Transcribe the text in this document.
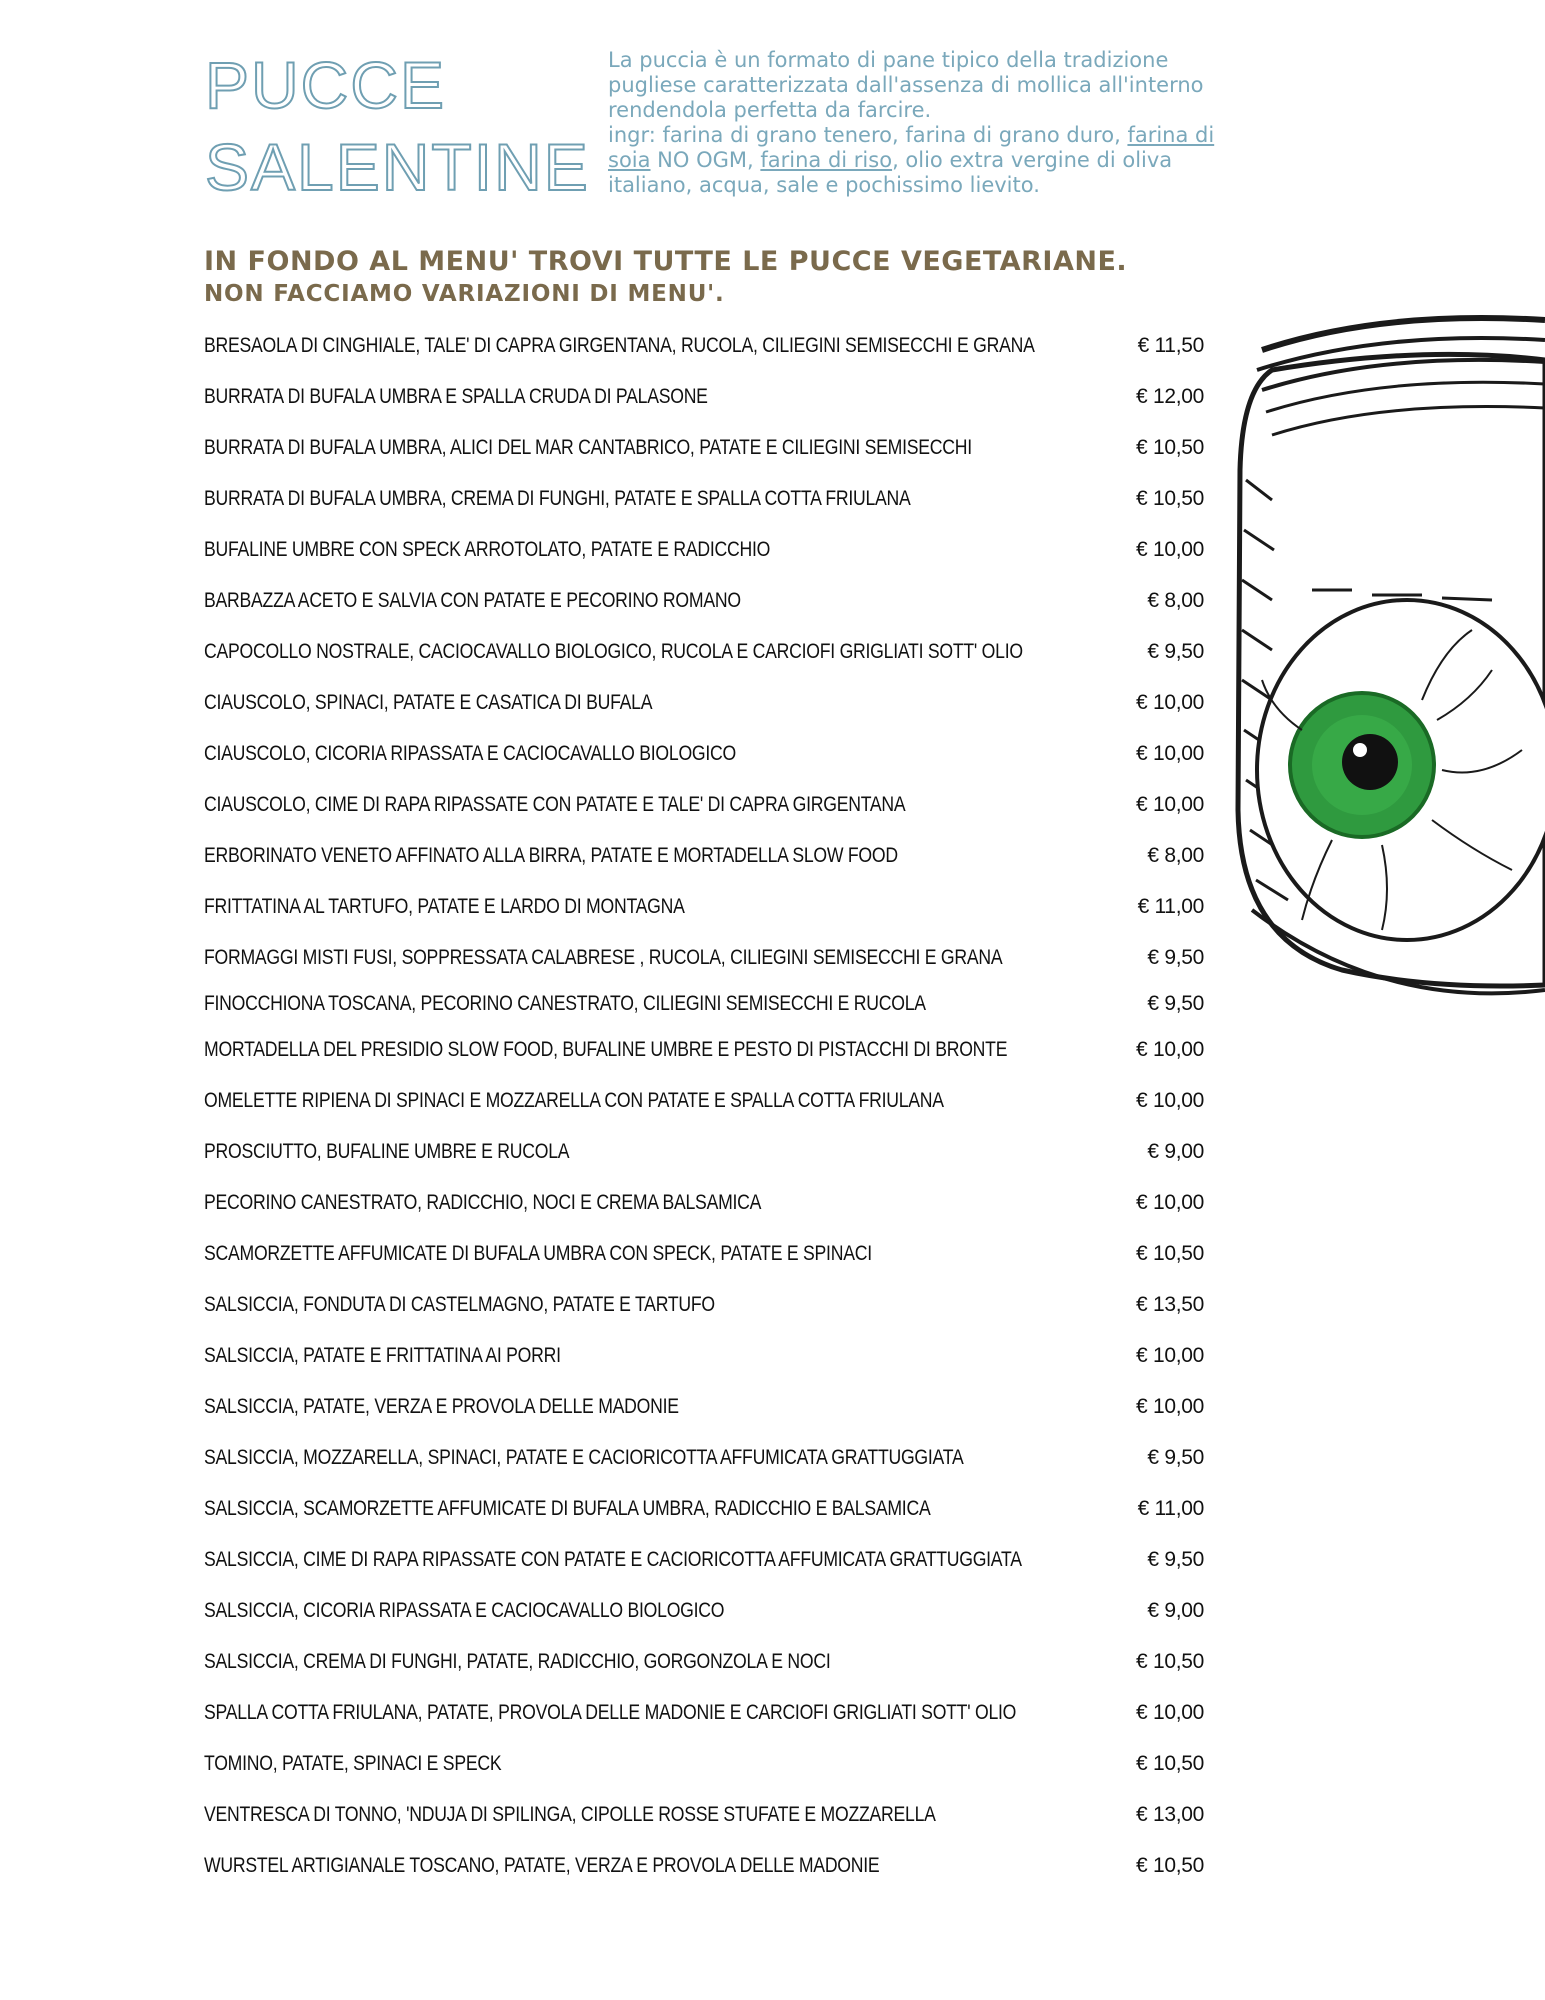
PUCCE
SALENTINE

La puccia è un formato di pane tipico della tradizione pugliese caratterizzata dall'assenza di mollica all'interno rendendola perfetta da farcire.
ingr: farina di grano tenero, farina di grano duro, farina di soia NO OGM, farina di riso, olio extra vergine di oliva italiano, acqua, sale e pochissimo lievito.

IN FONDO AL MENU' TROVI TUTTE LE PUCCE VEGETARIANE.
NON FACCIAMO VARIAZIONI DI MENU'.
BRESAOLA DI CINGHIALE, TALE' DI CAPRA GIRGENTANA, RUCOLA, CILIEGINI SEMISECCHI E GRANA	€ 11,50
BURRATA DI BUFALA UMBRA E SPALLA CRUDA DI PALASONE	€ 12,00
BURRATA DI BUFALA UMBRA, ALICI DEL MAR CANTABRICO, PATATE E CILIEGINI SEMISECCHI	€ 10,50
BURRATA DI BUFALA UMBRA, CREMA DI FUNGHI, PATATE E SPALLA COTTA FRIULANA	€ 10,50
BUFALINE UMBRE CON SPECK ARROTOLATO, PATATE E RADICCHIO	€ 10,00
BARBAZZA ACETO E SALVIA CON PATATE E PECORINO ROMANO	€ 8,00
CAPOCOLLO NOSTRALE, CACIOCAVALLO BIOLOGICO, RUCOLA E CARCIOFI GRIGLIATI SOTT' OLIO	€ 9,50
CIAUSCOLO, SPINACI, PATATE E CASATICA DI BUFALA	€ 10,00
CIAUSCOLO, CICORIA RIPASSATA E CACIOCAVALLO BIOLOGICO	€ 10,00
CIAUSCOLO, CIME DI RAPA RIPASSATE CON PATATE E TALE' DI CAPRA GIRGENTANA	€ 10,00
ERBORINATO VENETO AFFINATO ALLA BIRRA, PATATE E MORTADELLA SLOW FOOD	€ 8,00
FRITTATINA AL TARTUFO, PATATE E LARDO DI MONTAGNA	€ 11,00
FORMAGGI MISTI FUSI, SOPPRESSATA CALABRESE , RUCOLA, CILIEGINI SEMISECCHI E GRANA	€ 9,50
FINOCCHIONA TOSCANA, PECORINO CANESTRATO, CILIEGINI SEMISECCHI E RUCOLA	€ 9,50
MORTADELLA DEL PRESIDIO SLOW FOOD, BUFALINE UMBRE E PESTO DI PISTACCHI DI BRONTE	€ 10,00
OMELETTE RIPIENA DI SPINACI E MOZZARELLA CON PATATE E SPALLA COTTA FRIULANA	€ 10,00
PROSCIUTTO, BUFALINE UMBRE E RUCOLA	€ 9,00
PECORINO CANESTRATO, RADICCHIO, NOCI E CREMA BALSAMICA	€ 10,00
SCAMORZETTE AFFUMICATE DI BUFALA UMBRA CON SPECK, PATATE E SPINACI	€ 10,50
SALSICCIA, FONDUTA DI CASTELMAGNO, PATATE E TARTUFO	€ 13,50
SALSICCIA, PATATE E FRITTATINA AI PORRI	€ 10,00
SALSICCIA, PATATE, VERZA E PROVOLA DELLE MADONIE	€ 10,00
SALSICCIA, MOZZARELLA, SPINACI, PATATE E CACIORICOTTA AFFUMICATA GRATTUGGIATA	€ 9,50
SALSICCIA, SCAMORZETTE AFFUMICATE DI BUFALA UMBRA, RADICCHIO E BALSAMICA	€ 11,00
SALSICCIA, CIME DI RAPA RIPASSATE CON PATATE E CACIORICOTTA AFFUMICATA GRATTUGGIATA	€ 9,50
SALSICCIA, CICORIA RIPASSATA E CACIOCAVALLO BIOLOGICO	€ 9,00
SALSICCIA, CREMA DI FUNGHI, PATATE, RADICCHIO, GORGONZOLA E NOCI	€ 10,50
SPALLA COTTA FRIULANA, PATATE, PROVOLA DELLE MADONIE E CARCIOFI GRIGLIATI SOTT' OLIO	€ 10,00
TOMINO, PATATE, SPINACI E SPECK	€ 10,50
VENTRESCA DI TONNO, 'NDUJA DI SPILINGA, CIPOLLE ROSSE STUFATE E MOZZARELLA	€ 13,00
WURSTEL ARTIGIANALE TOSCANO, PATATE, VERZA E PROVOLA DELLE MADONIE	€ 10,50
